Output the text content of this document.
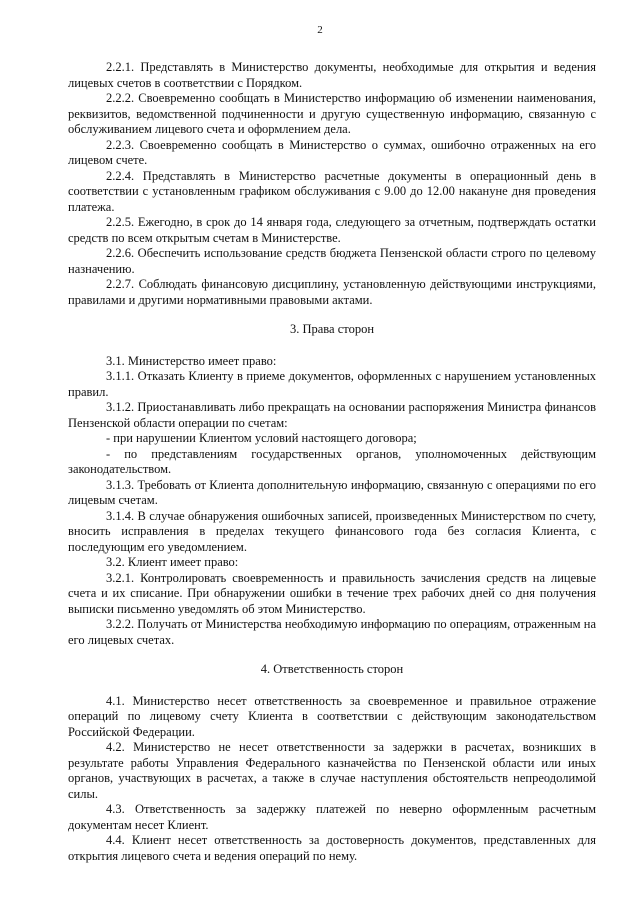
2

2.2.1. Представлять в Министерство документы, необходимые для открытия и ведения лицевых счетов в соответствии с Порядком.

2.2.2. Своевременно сообщать в Министерство информацию об изменении наименования, реквизитов, ведомственной подчиненности и другую существенную информацию, связанную с обслуживанием лицевого счета и оформлением дела.

2.2.3. Своевременно сообщать в Министерство о суммах, ошибочно отраженных на его лицевом счете.

2.2.4. Представлять в Министерство расчетные документы в операционный день в соответствии с установленным графиком обслуживания с 9.00 до 12.00 накануне дня проведения платежа.

2.2.5. Ежегодно, в срок до 14 января года, следующего за отчетным, подтверждать остатки средств по всем открытым счетам в Министерстве.

2.2.6. Обеспечить использование средств бюджета Пензенской области строго по целевому назначению.

2.2.7. Соблюдать финансовую дисциплину, установленную действующими инструкциями, правилами и другими нормативными правовыми актами.

3. Права сторон

3.1. Министерство имеет право:

3.1.1. Отказать Клиенту в приеме документов, оформленных с нарушением установленных правил.

3.1.2. Приостанавливать либо прекращать на основании распоряжения Министра финансов Пензенской области операции по счетам:

- при нарушении Клиентом условий настоящего договора;

- по представлениям государственных органов, уполномоченных действующим законодательством.

3.1.3. Требовать от Клиента дополнительную информацию, связанную с операциями по его лицевым счетам.

3.1.4. В случае обнаружения ошибочных записей, произведенных Министерством по счету, вносить исправления в пределах текущего финансового года без согласия Клиента, с последующим его уведомлением.

3.2. Клиент имеет право:

3.2.1. Контролировать своевременность и правильность зачисления средств на лицевые счета и их списание. При обнаружении ошибки в течение трех рабочих дней со дня получения выписки письменно уведомлять об этом Министерство.

3.2.2. Получать от Министерства необходимую информацию по операциям, отраженным на его лицевых счетах.

4. Ответственность сторон

4.1. Министерство несет ответственность за своевременное и правильное отражение операций по лицевому счету Клиента в соответствии с действующим законодательством Российской Федерации.

4.2. Министерство не несет ответственности за задержки в расчетах, возникших в результате работы Управления Федерального казначейства по Пензенской области или иных органов, участвующих в расчетах, а также в случае наступления обстоятельств непреодолимой силы.

4.3. Ответственность за задержку платежей по неверно оформленным расчетным документам несет Клиент.

4.4. Клиент несет ответственность за достоверность документов, представленных для открытия лицевого счета и ведения операций по нему.
